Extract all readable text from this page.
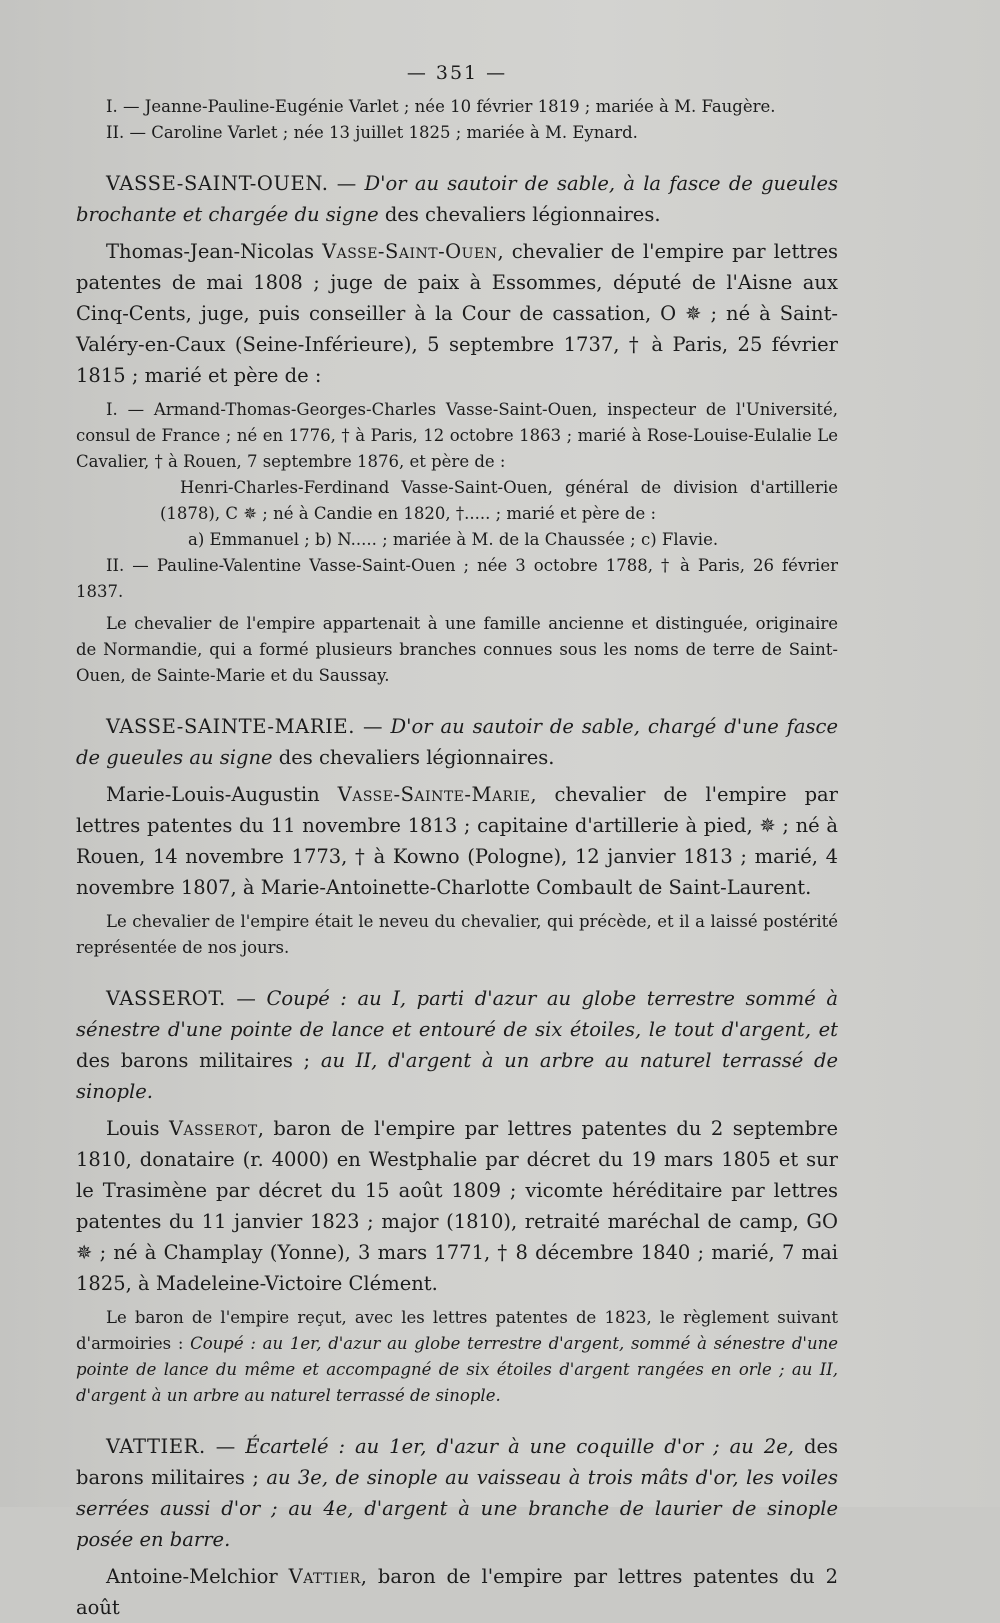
— 351 —

I. — Jeanne-Pauline-Eugénie Varlet ; née 10 février 1819 ; mariée à M. Faugère.

II. — Caroline Varlet ; née 13 juillet 1825 ; mariée à M. Eynard.

VASSE-SAINT-OUEN. — D'or au sautoir de sable, à la fasce de gueules brochante et chargée du signe des chevaliers légionnaires.

Thomas-Jean-Nicolas Vasse-Saint-Ouen, chevalier de l'empire par lettres patentes de mai 1808 ; juge de paix à Essommes, député de l'Aisne aux Cinq-Cents, juge, puis conseiller à la Cour de cassation, O ✵ ; né à Saint-Valéry-en-Caux (Seine-Inférieure), 5 septembre 1737, † à Paris, 25 février 1815 ; marié et père de :

I. — Armand-Thomas-Georges-Charles Vasse-Saint-Ouen, inspecteur de l'Université, consul de France ; né en 1776, † à Paris, 12 octobre 1863 ; marié à Rose-Louise-Eulalie Le Cavalier, † à Rouen, 7 septembre 1876, et père de :

Henri-Charles-Ferdinand Vasse-Saint-Ouen, général de division d'artillerie (1878), C ✵ ; né à Candie en 1820, †..... ; marié et père de :

a) Emmanuel ; b) N..... ; mariée à M. de la Chaussée ; c) Flavie.

II. — Pauline-Valentine Vasse-Saint-Ouen ; née 3 octobre 1788, † à Paris, 26 février 1837.

Le chevalier de l'empire appartenait à une famille ancienne et distinguée, originaire de Normandie, qui a formé plusieurs branches connues sous les noms de terre de Saint-Ouen, de Sainte-Marie et du Saussay.

VASSE-SAINTE-MARIE. — D'or au sautoir de sable, chargé d'une fasce de gueules au signe des chevaliers légionnaires.

Marie-Louis-Augustin Vasse-Sainte-Marie, chevalier de l'empire par lettres patentes du 11 novembre 1813 ; capitaine d'artillerie à pied, ✵ ; né à Rouen, 14 novembre 1773, † à Kowno (Pologne), 12 janvier 1813 ; marié, 4 novembre 1807, à Marie-Antoinette-Charlotte Combault de Saint-Laurent.

Le chevalier de l'empire était le neveu du chevalier, qui précède, et il a laissé postérité représentée de nos jours.

VASSEROT. — Coupé : au I, parti d'azur au globe terrestre sommé à sénestre d'une pointe de lance et entouré de six étoiles, le tout d'argent, et des barons militaires ; au II, d'argent à un arbre au naturel terrassé de sinople.

Louis Vasserot, baron de l'empire par lettres patentes du 2 septembre 1810, donataire (r. 4000) en Westphalie par décret du 19 mars 1805 et sur le Trasimène par décret du 15 août 1809 ; vicomte héréditaire par lettres patentes du 11 janvier 1823 ; major (1810), retraité maréchal de camp, GO ✵ ; né à Champlay (Yonne), 3 mars 1771, † 8 décembre 1840 ; marié, 7 mai 1825, à Madeleine-Victoire Clément.

Le baron de l'empire reçut, avec les lettres patentes de 1823, le règlement suivant d'armoiries : Coupé : au 1er, d'azur au globe terrestre d'argent, sommé à sénestre d'une pointe de lance du même et accompagné de six étoiles d'argent rangées en orle ; au II, d'argent à un arbre au naturel terrassé de sinople.

VATTIER. — Écartelé : au 1er, d'azur à une coquille d'or ; au 2e, des barons militaires ; au 3e, de sinople au vaisseau à trois mâts d'or, les voiles serrées aussi d'or ; au 4e, d'argent à une branche de laurier de sinople posée en barre.

Antoine-Melchior Vattier, baron de l'empire par lettres patentes du 2 août
